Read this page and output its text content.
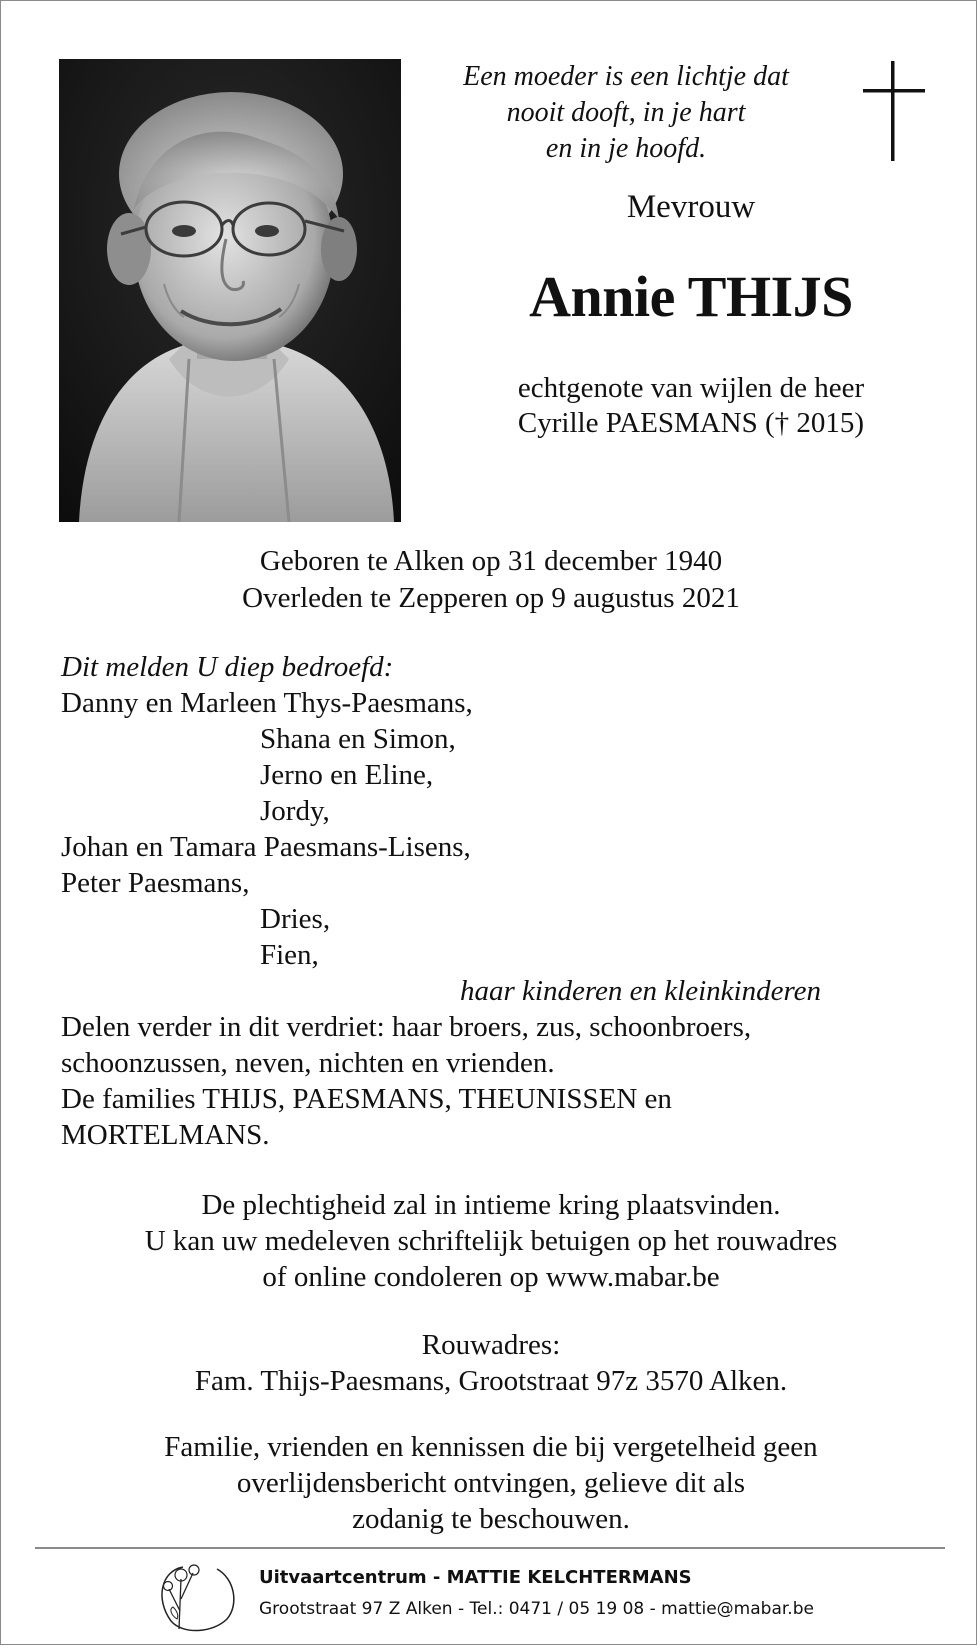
Een moeder is een lichtje dat
nooit dooft, in je hart
en in je hoofd.
Mevrouw
Annie THIJS
echtgenote van wijlen de heer
Cyrille PAESMANS († 2015)
Geboren te Alken op 31 december 1940
Overleden te Zepperen op 9 augustus 2021
Dit melden U diep bedroefd:
Danny en Marleen Thys-Paesmans,
Shana en Simon,
Jerno en Eline,
Jordy,
Johan en Tamara Paesmans-Lisens,
Peter Paesmans,
Dries,
Fien,
haar kinderen en kleinkinderen
Delen verder in dit verdriet: haar broers, zus, schoonbroers,
schoonzussen, neven, nichten en vrienden.
De families THIJS, PAESMANS, THEUNISSEN en
MORTELMANS.
De plechtigheid zal in intieme kring plaatsvinden.
U kan uw medeleven schriftelijk betuigen op het rouwadres
of online condoleren op www.mabar.be
Rouwadres:
Fam. Thijs-Paesmans, Grootstraat 97z 3570 Alken.
Familie, vrienden en kennissen die bij vergetelheid geen
overlijdensbericht ontvingen, gelieve dit als
zodanig te beschouwen.
Uitvaartcentrum - MATTIE KELCHTERMANS
Grootstraat 97 Z Alken - Tel.: 0471 / 05 19 08 - mattie@mabar.be
